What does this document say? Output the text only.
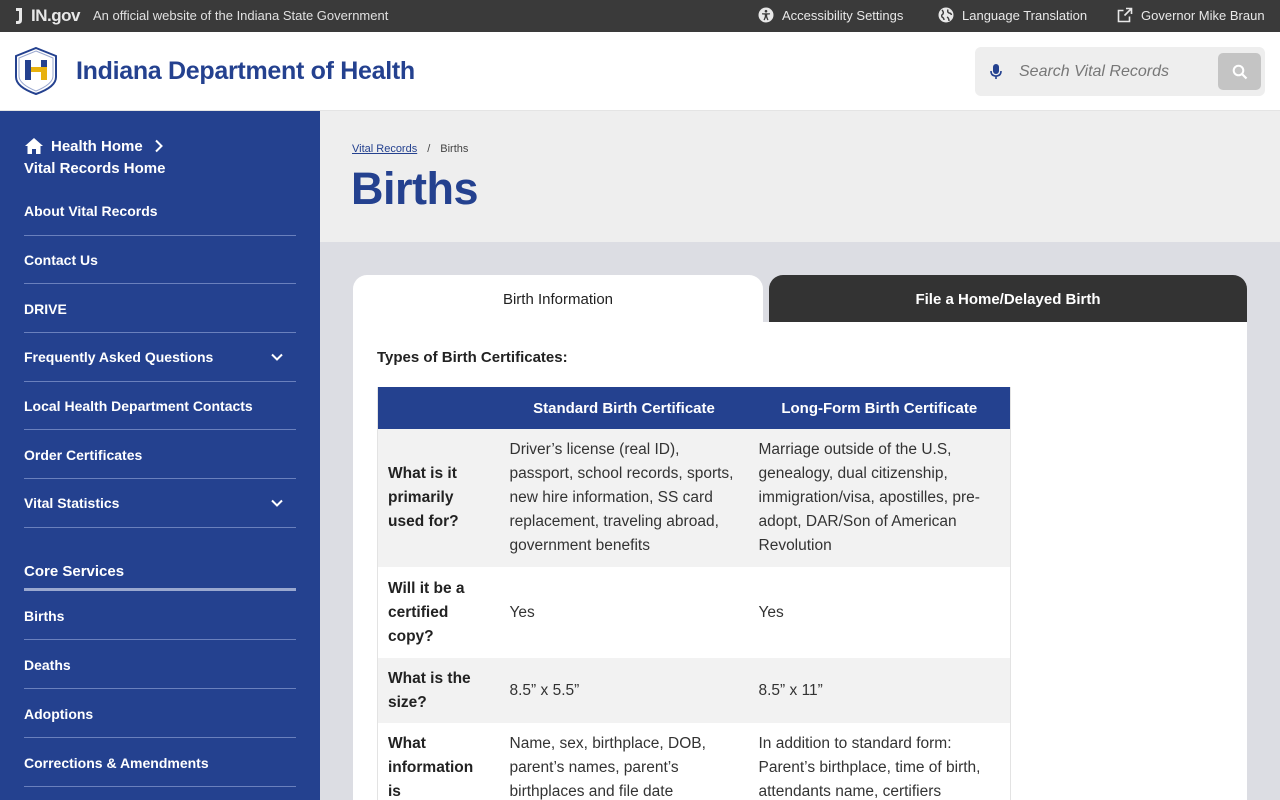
IN.gov An official website of the Indiana State Government	Accessibility Settings	Language Translation	Governor Mike Braun
Indiana Department of Health
Search Vital Records
Health Home
Vital Records Home
About Vital Records
Contact Us
DRIVE
Frequently Asked Questions
Local Health Department Contacts
Order Certificates
Vital Statistics
Core Services
Births
Deaths
Adoptions
Corrections & Amendments
Vital Records / Births
Births
Birth Information	File a Home/Delayed Birth
Types of Birth Certificates:
	Standard Birth Certificate	Long-Form Birth Certificate
What is it primarily used for?	Driver’s license (real ID), passport, school records, sports, new hire information, SS card replacement, traveling abroad, government benefits	Marriage outside of the U.S, genealogy, dual citizenship, immigration/visa, apostilles, pre-adopt, DAR/Son of American Revolution
Will it be a certified copy?	Yes	Yes
What is the size?	8.5” x 5.5”	8.5” x 11”
What information is	Name, sex, birthplace, DOB, parent’s names, parent’s birthplaces and file date	In addition to standard form: Parent’s birthplace, time of birth, attendants name, certifiers
